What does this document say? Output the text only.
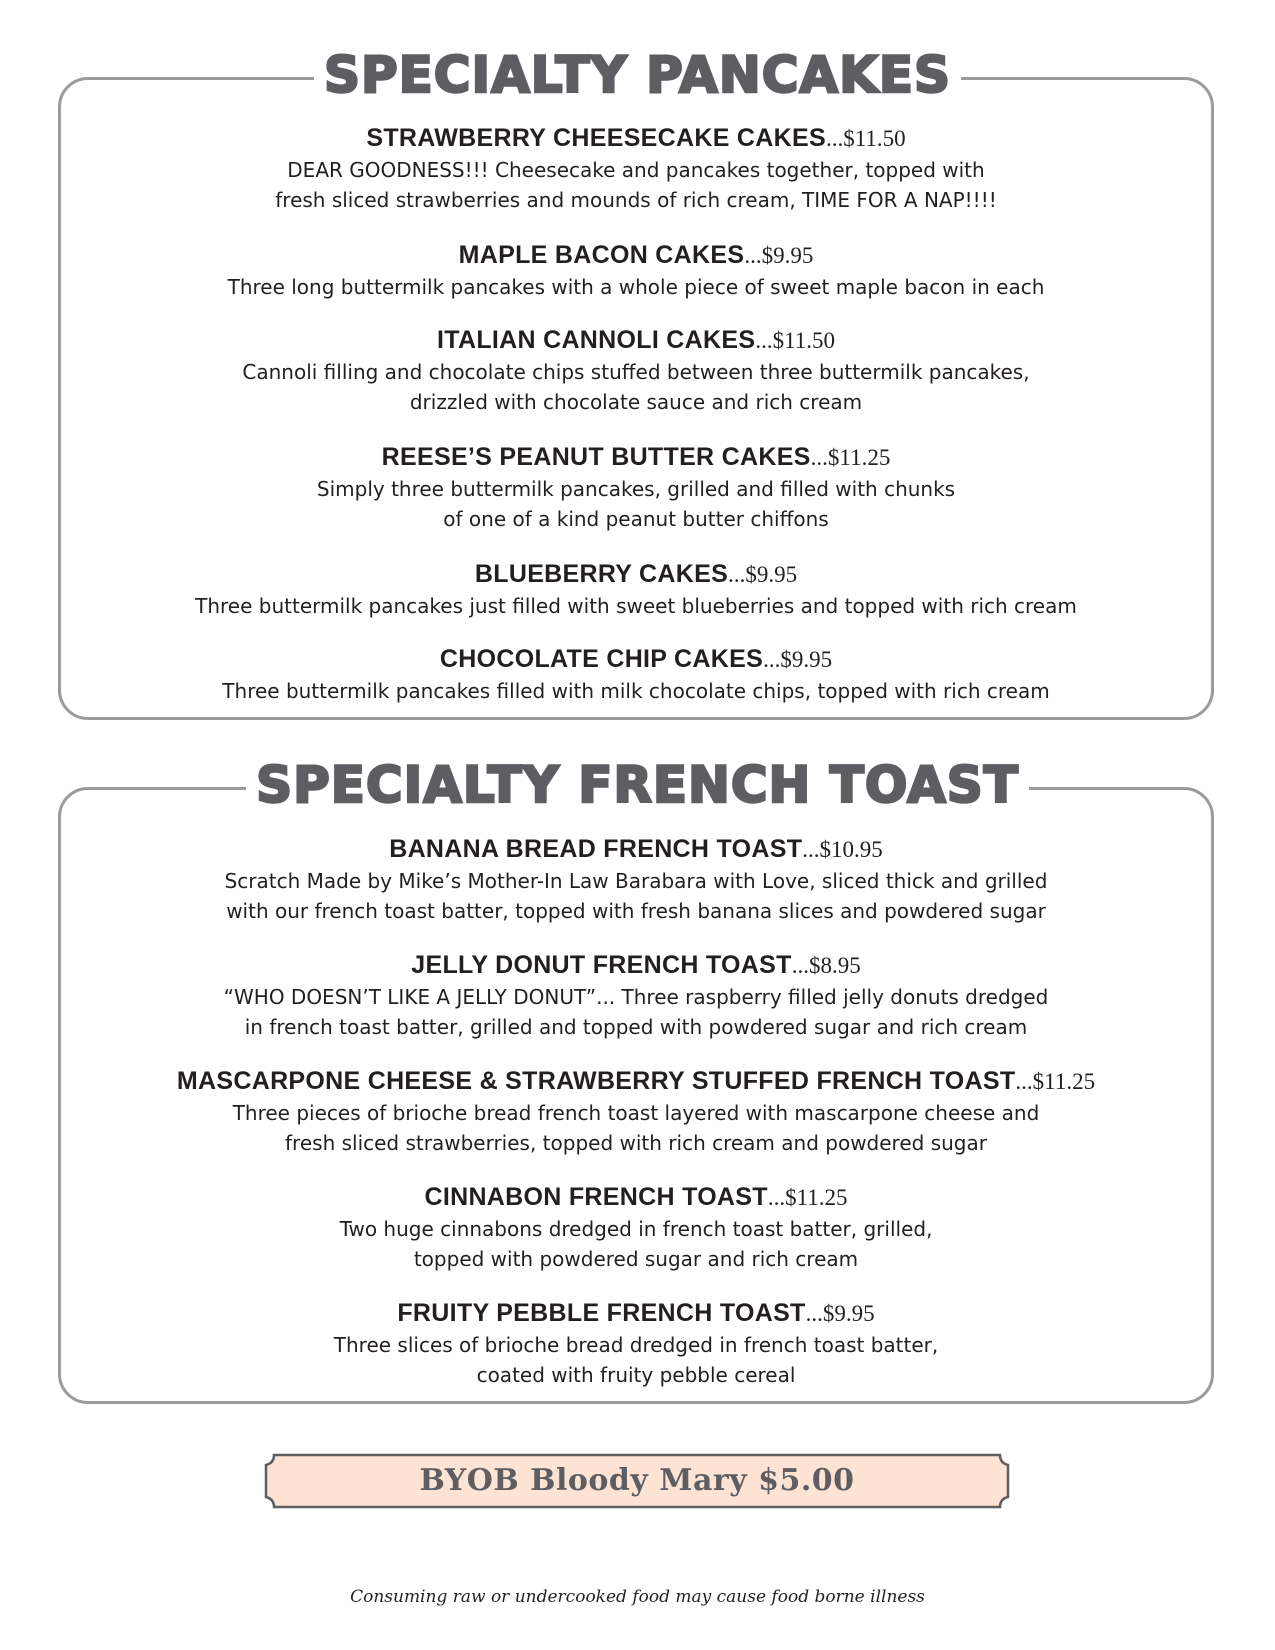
SPECIALTY PANCAKES
STRAWBERRY CHEESECAKE CAKES...$11.50
DEAR GOODNESS!!! Cheesecake and pancakes together, topped with
fresh sliced strawberries and mounds of rich cream, TIME FOR A NAP!!!!
MAPLE BACON CAKES...$9.95
Three long buttermilk pancakes with a whole piece of sweet maple bacon in each
ITALIAN CANNOLI CAKES...$11.50
Cannoli filling and chocolate chips stuffed between three buttermilk pancakes,
drizzled with chocolate sauce and rich cream
REESE’S PEANUT BUTTER CAKES...$11.25
Simply three buttermilk pancakes, grilled and filled with chunks
of one of a kind peanut butter chiffons
BLUEBERRY CAKES...$9.95
Three buttermilk pancakes just filled with sweet blueberries and topped with rich cream
CHOCOLATE CHIP CAKES...$9.95
Three buttermilk pancakes filled with milk chocolate chips, topped with rich cream
SPECIALTY FRENCH TOAST
BANANA BREAD FRENCH TOAST...$10.95
Scratch Made by Mike’s Mother-In Law Barabara with Love, sliced thick and grilled
with our french toast batter, topped with fresh banana slices and powdered sugar
JELLY DONUT FRENCH TOAST...$8.95
“WHO DOESN’T LIKE A JELLY DONUT”... Three raspberry filled jelly donuts dredged
in french toast batter, grilled and topped with powdered sugar and rich cream
MASCARPONE CHEESE & STRAWBERRY STUFFED FRENCH TOAST...$11.25
Three pieces of brioche bread french toast layered with mascarpone cheese and
fresh sliced strawberries, topped with rich cream and powdered sugar
CINNABON FRENCH TOAST...$11.25
Two huge cinnabons dredged in french toast batter, grilled,
topped with powdered sugar and rich cream
FRUITY PEBBLE FRENCH TOAST...$9.95
Three slices of brioche bread dredged in french toast batter,
coated with fruity pebble cereal
BYOB Bloody Mary $5.00
Consuming raw or undercooked food may cause food borne illness
